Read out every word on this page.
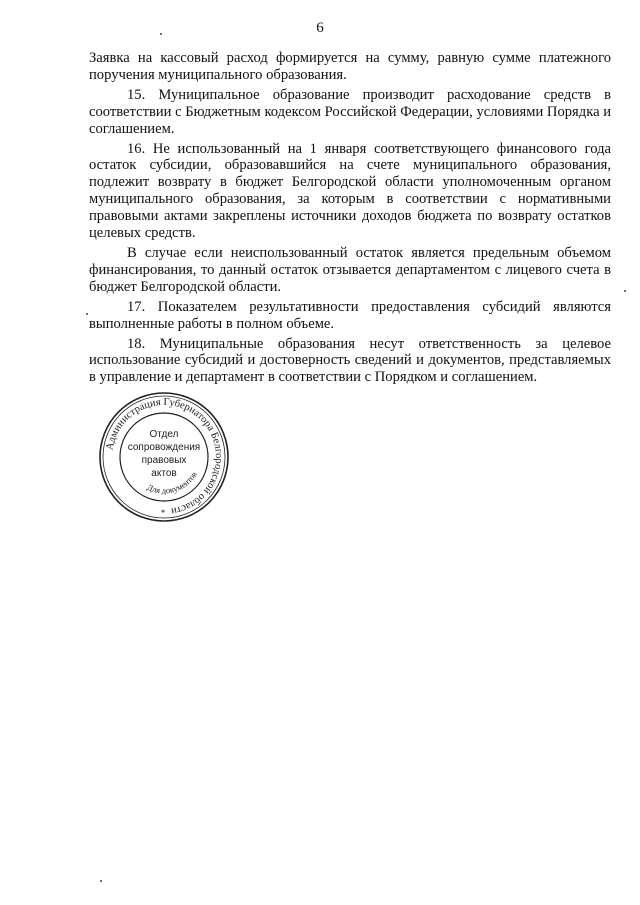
6

Заявка на кассовый расход формируется на сумму, равную сумме платежного поручения муниципального образования.

15. Муниципальное образование производит расходование средств в соответствии с Бюджетным кодексом Российской Федерации, условиями Порядка и соглашением.

16. Не использованный на 1 января соответствующего финансового года остаток субсидии, образовавшийся на счете муниципального образования, подлежит возврату в бюджет Белгородской области уполномоченным органом муниципального образования, за которым в соответствии с нормативными правовыми актами закреплены источники доходов бюджета по возврату остатков целевых средств.

В случае если неиспользованный остаток является предельным объемом финансирования, то данный остаток отзывается департаментом с лицевого счета в бюджет Белгородской области.

17. Показателем результативности предоставления субсидий являются выполненные работы в полном объеме.

18. Муниципальные образования несут ответственность за целевое использование субсидий и достоверность сведений и документов, представляемых в управление и департамент в соответствии с Порядком и соглашением.

Администрация Губернатора Белгородской области
Для документов
Отдел
сопровождения
правовых
актов
*
